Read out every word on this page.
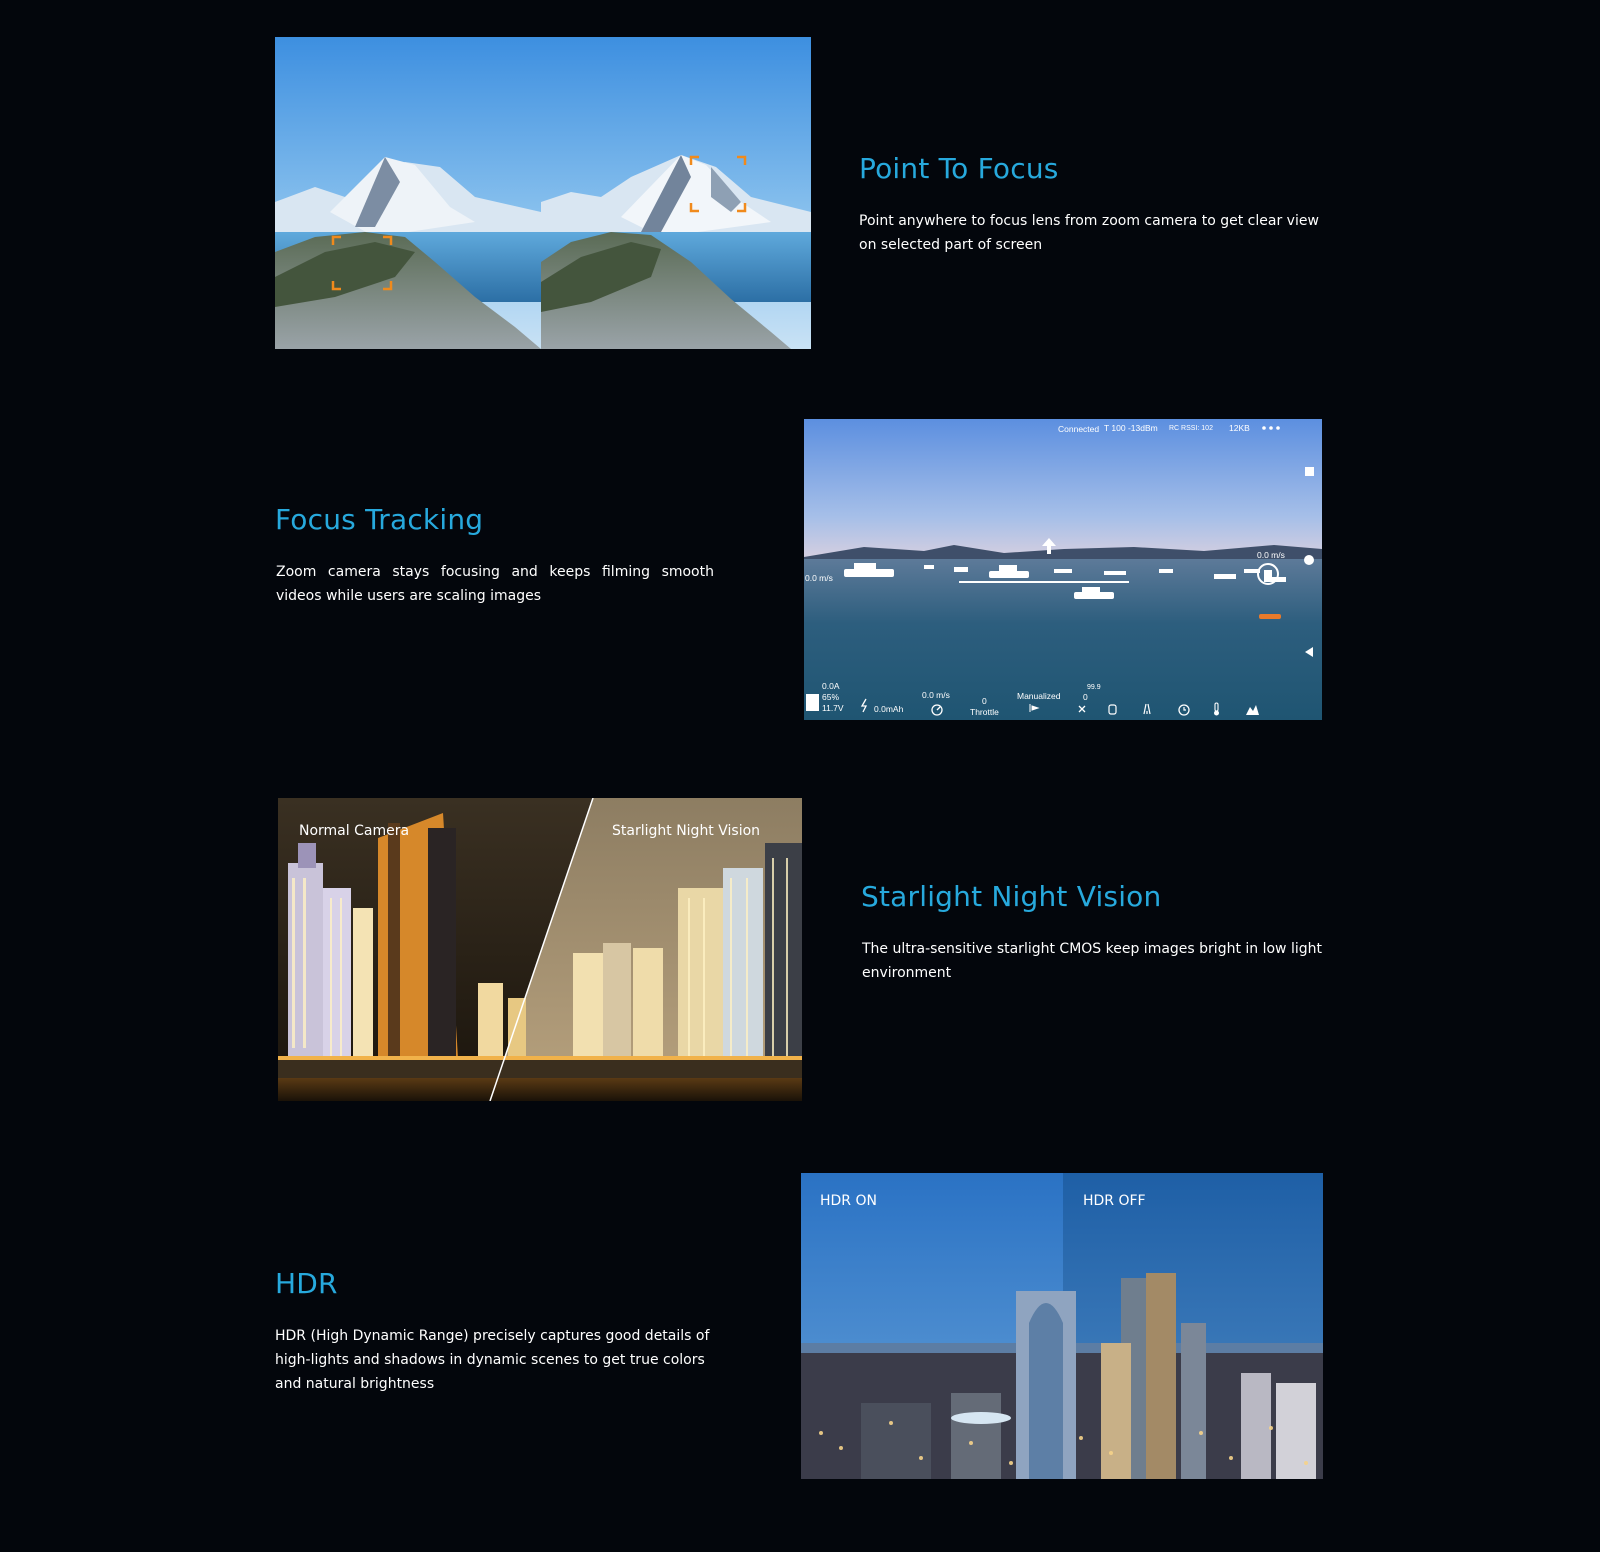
Point To Focus

Point anywhere to focus lens from zoom camera to get clear view on selected part of screen

Focus Tracking

Zoom camera stays focusing and keeps filming smooth videos while users are scaling images

Connected T 100 -13dBm RC RSSI: 102 12KB
0.0 m/s
0.0 m/s
0.0A
65%
11.7V	0.0mAh
0.0 m/s
0
Throttle
Manualized
99.9
0
Normal Camera	Starlight Night Vision
Starlight Night Vision

The ultra-sensitive starlight CMOS keep images bright in low light environment

HDR

HDR (High Dynamic Range) precisely captures good details of high-lights and shadows in dynamic scenes to get true colors and natural brightness

HDR ON	HDR OFF
